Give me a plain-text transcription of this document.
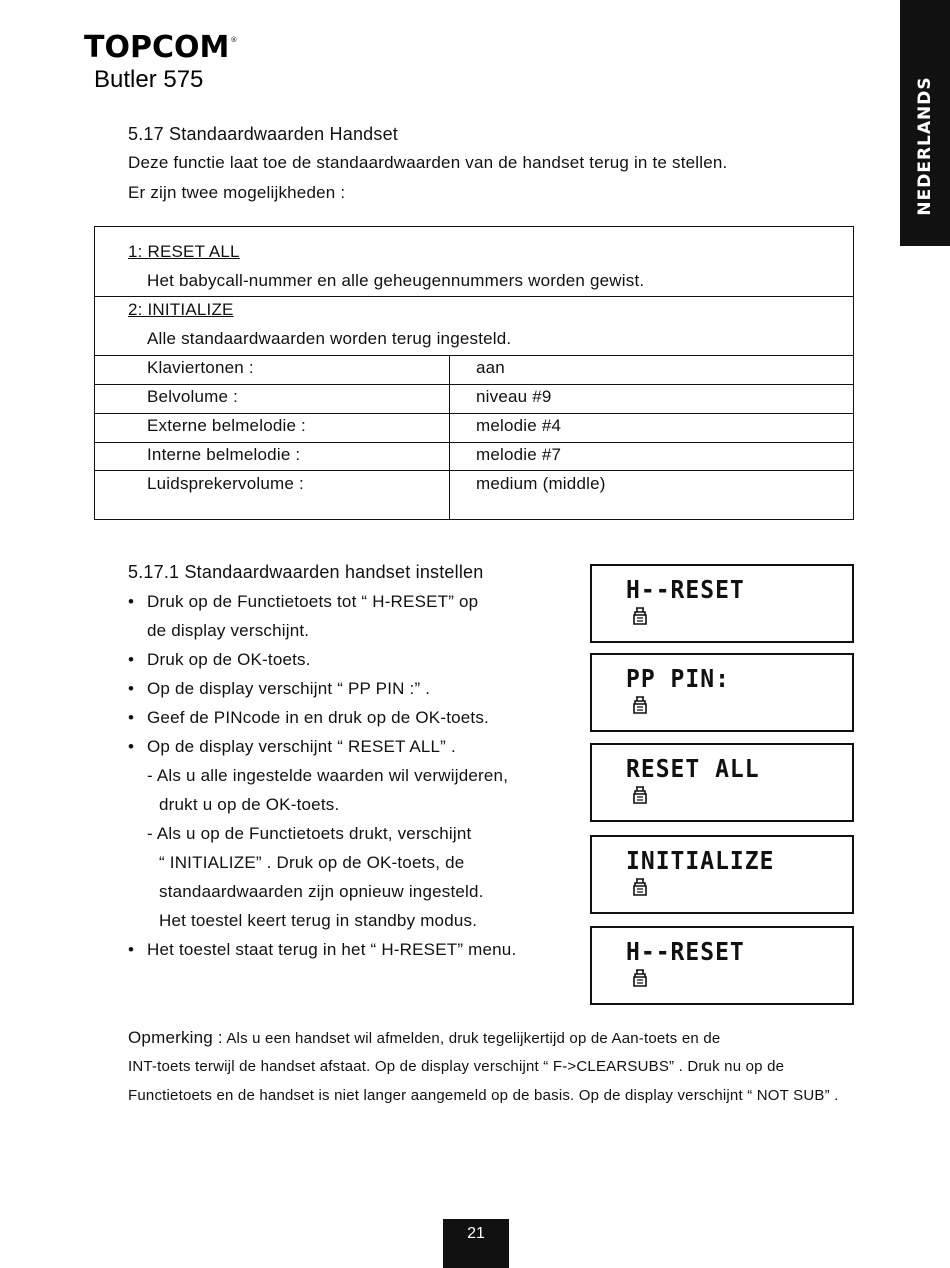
TOPCOM®
Butler 575	NEDERLANDS
5.17 Standaardwaarden Handset
Deze functie laat toe de standaardwaarden van de handset terug in te stellen.
Er zijn twee mogelijkheden :
1: RESET ALL
Het babycall-nummer en alle geheugennummers worden gewist.
2: INITIALIZE
Alle standaardwaarden worden terug ingesteld.
Klaviertonen :	aan
Belvolume :	niveau #9
Externe belmelodie :	melodie #4
Interne belmelodie :	melodie #7
Luidsprekervolume :	medium (middle)
5.17.1 Standaardwaarden handset instellen
• Druk op de Functietoets tot “ H-RESET” op
de display verschijnt.
• Druk op de OK-toets.
• Op de display verschijnt “ PP PIN :” .
• Geef de PINcode in en druk op de OK-toets.
• Op de display verschijnt “ RESET ALL” .
- Als u alle ingestelde waarden wil verwijderen,
drukt u op de OK-toets.
- Als u op de Functietoets drukt, verschijnt
“ INITIALIZE” . Druk op de OK-toets, de
standaardwaarden zijn opnieuw ingesteld.
Het toestel keert terug in standby modus.
• Het toestel staat terug in het “ H-RESET” menu.
H--RESET
PP PIN:
RESET ALL
INITIALIZE
H--RESET
Opmerking : Als u een handset wil afmelden, druk tegelijkertijd op de Aan-toets en de
INT-toets terwijl de handset afstaat. Op de display verschijnt “ F->CLEARSUBS” . Druk nu op de
Functietoets en de handset is niet langer aangemeld op de basis. Op de display verschijnt “ NOT SUB” .
21
